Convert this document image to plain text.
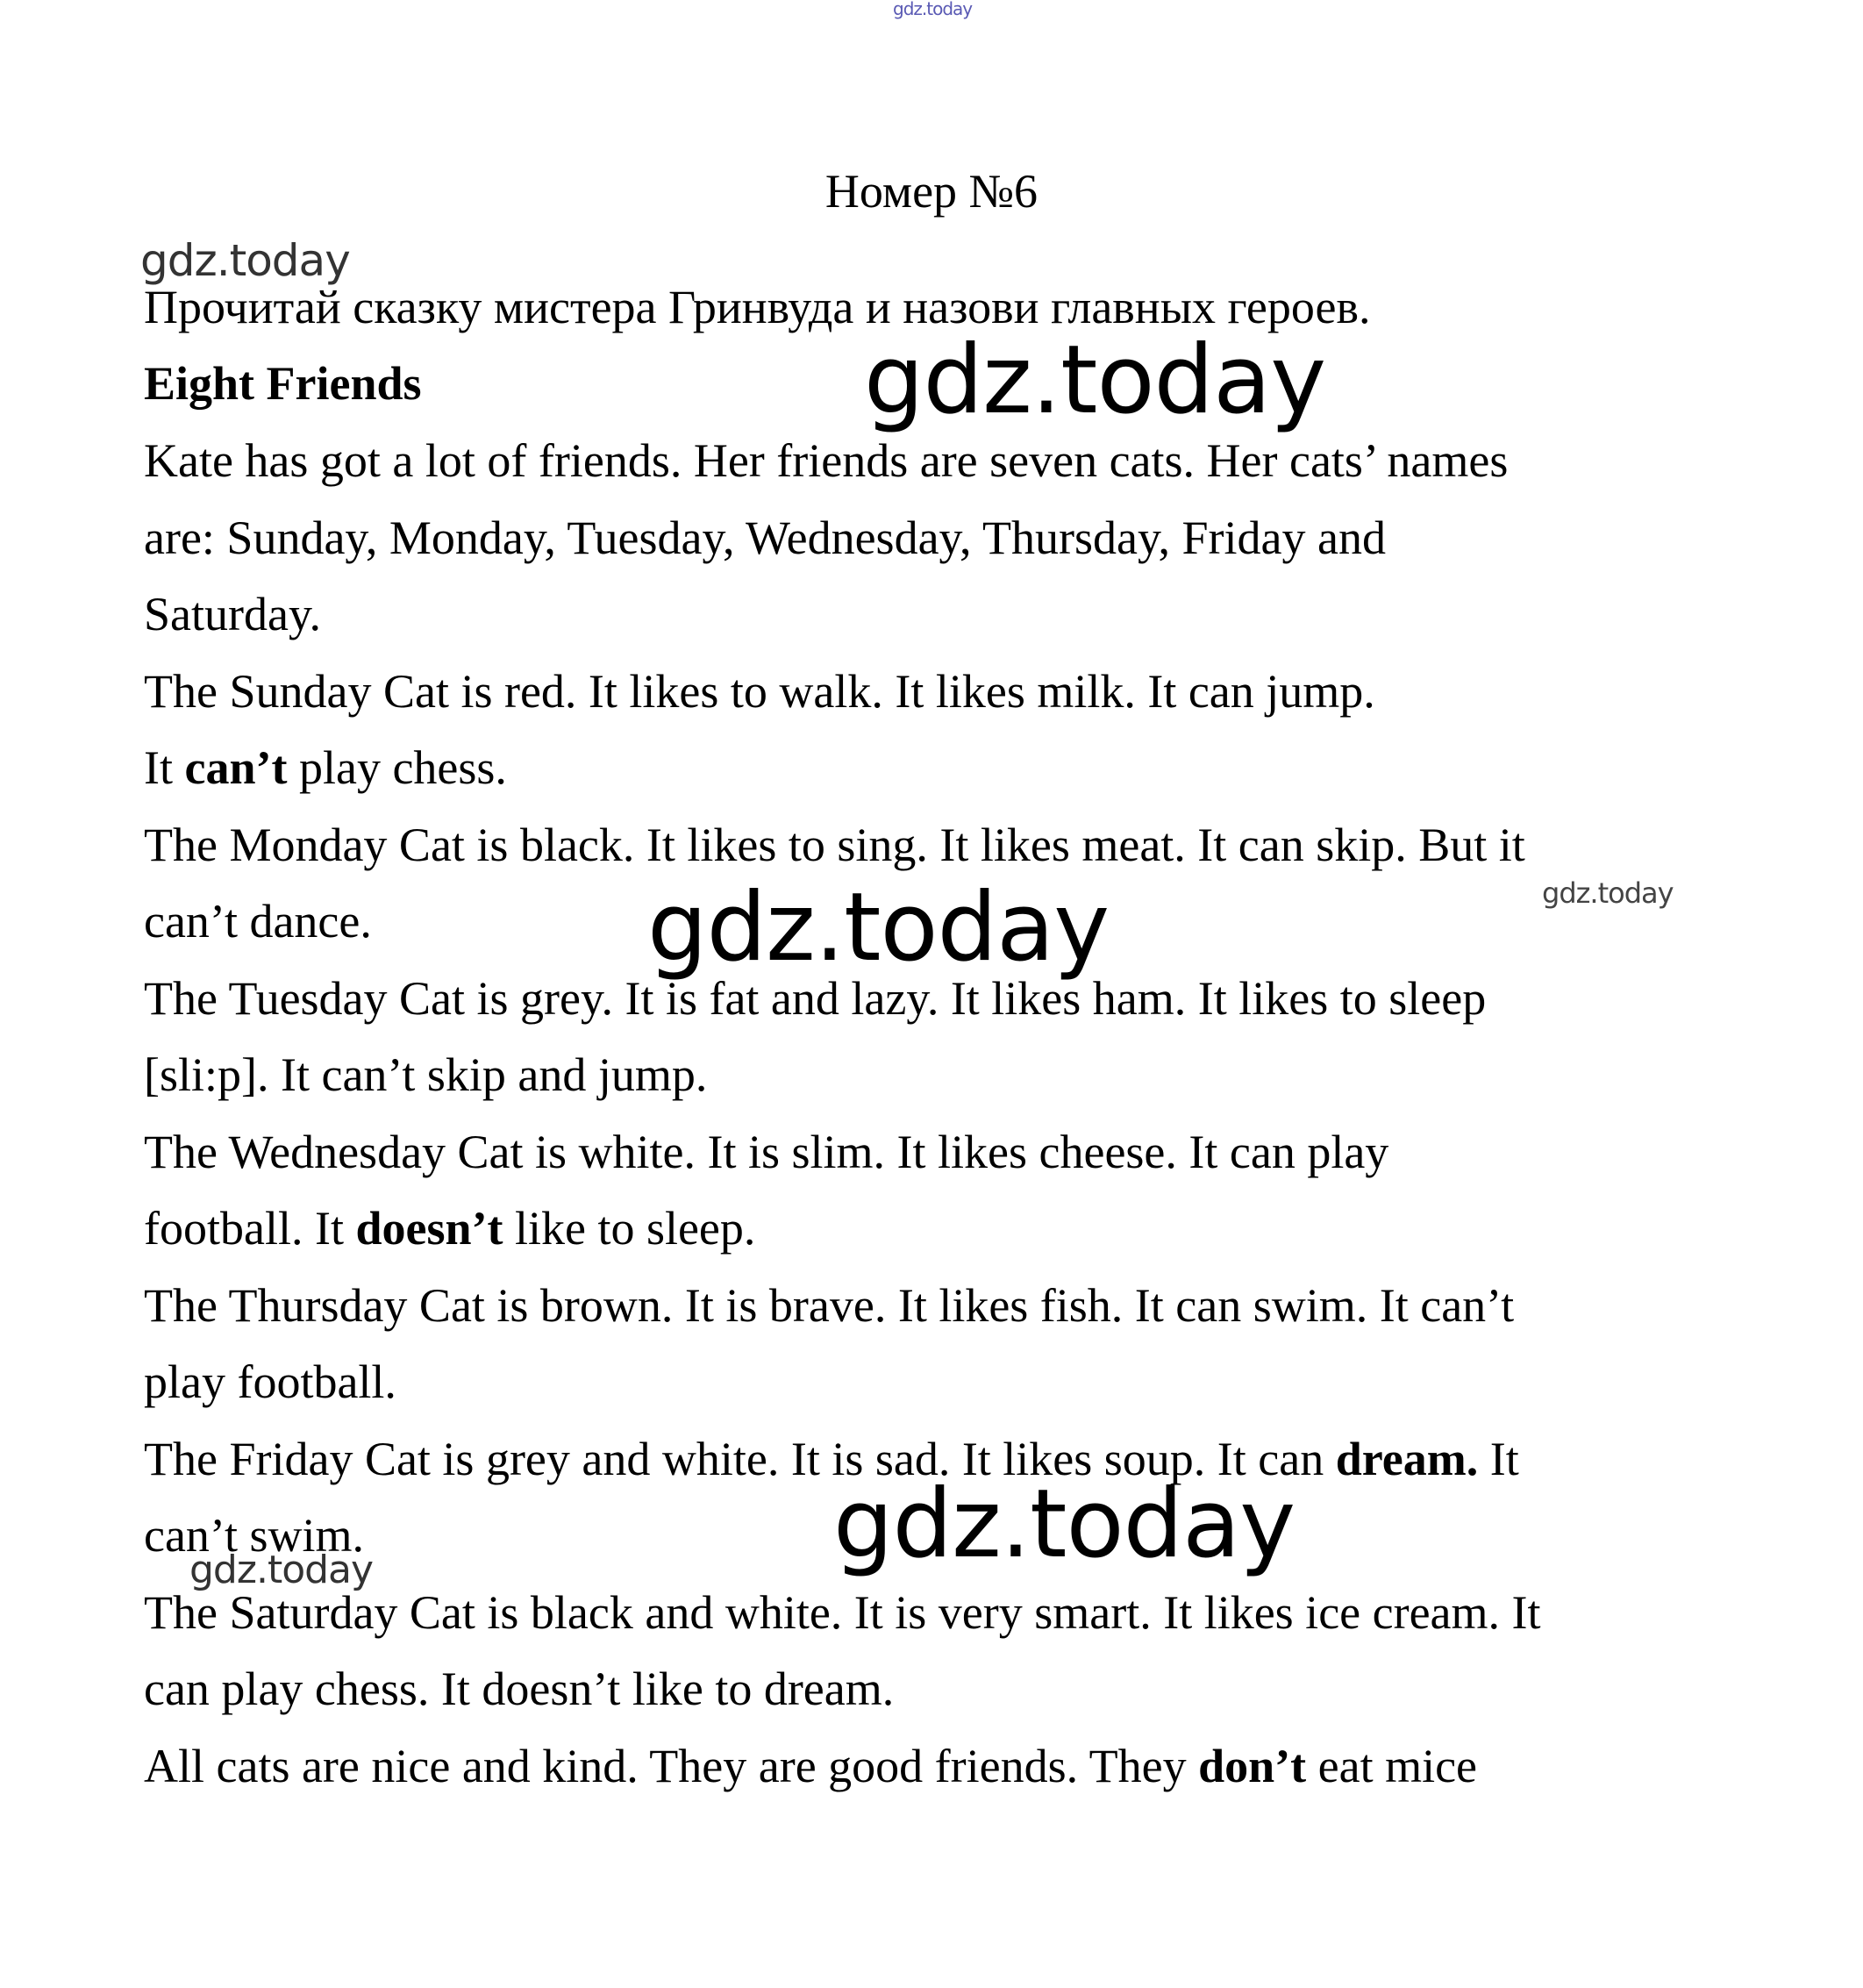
gdz.today
Номер №6
Прочитай сказку мистера Гринвуда и назови главных героев.
Eight Friends
Kate has got a lot of friends. Her friends are seven cats. Her cats’ names
are: Sunday, Monday, Tuesday, Wednesday, Thursday, Friday and
Saturday.
The Sunday Cat is red. It likes to walk. It likes milk. It can jump.
It can’t play chess.
The Monday Cat is black. It likes to sing. It likes meat. It can skip. But it
can’t dance.
The Tuesday Cat is grey. It is fat and lazy. It likes ham. It likes to sleep
[sli:p]. It can’t skip and jump.
The Wednesday Cat is white. It is slim. It likes cheese. It can play
football. It doesn’t like to sleep.
The Thursday Cat is brown. It is brave. It likes fish. It can swim. It can’t
play football.
The Friday Cat is grey and white. It is sad. It likes soup. It can dream. It
can’t swim.
The Saturday Cat is black and white. It is very smart. It likes ice cream. It
can play chess. It doesn’t like to dream.
All cats are nice and kind. They are good friends. They don’t eat mice
gdz.today
gdz.today
gdz.today
gdz.today
gdz.today
gdz.today
